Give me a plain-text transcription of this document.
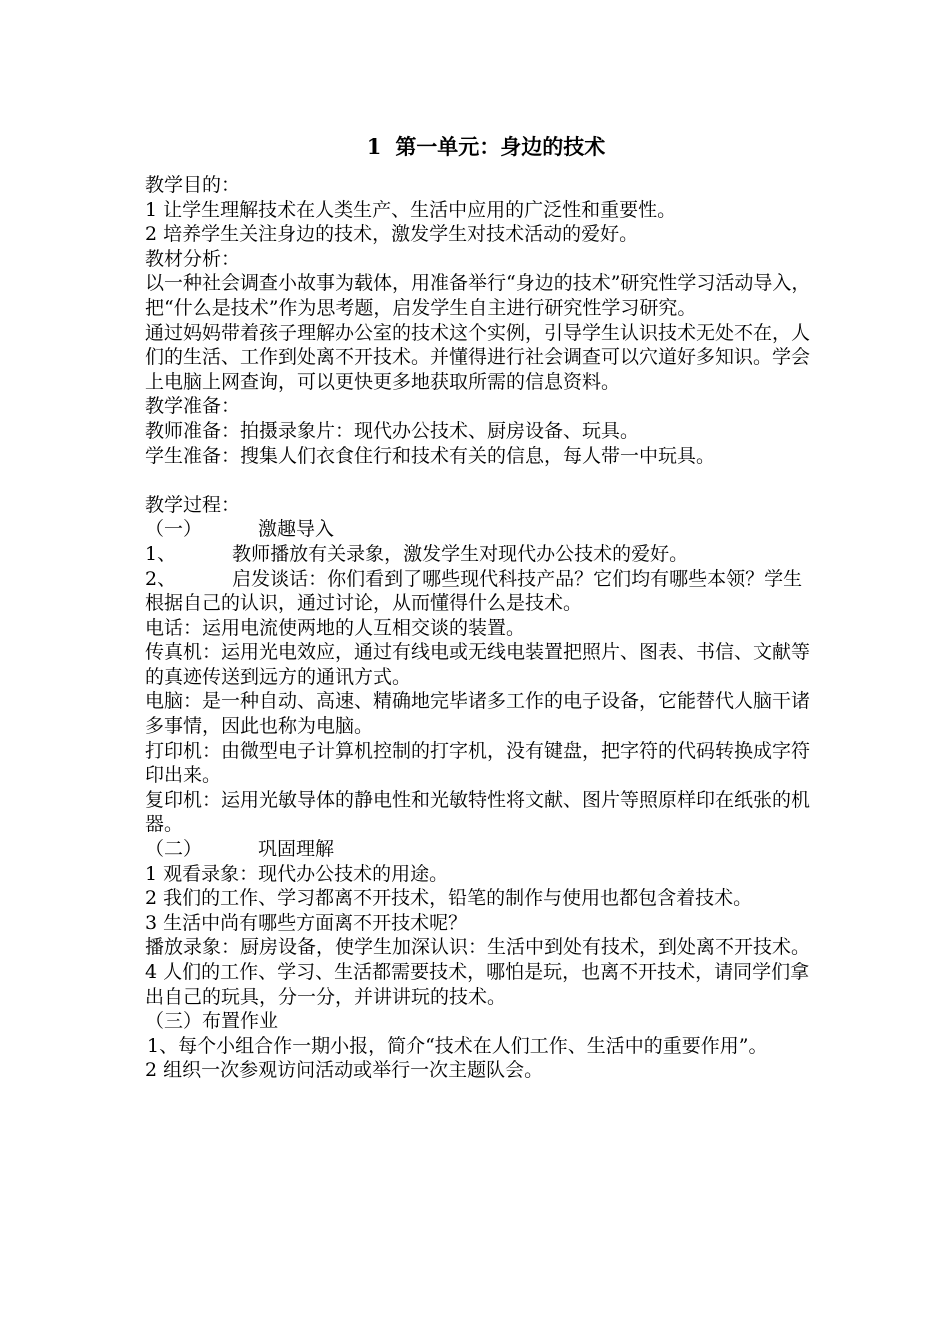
1 第一单元：身边的技术

教学目的：

1 让学生理解技术在人类生产、生活中应用的广泛性和重要性。

2 培养学生关注身边的技术，激发学生对技术活动的爱好。

教材分析：

以一种社会调查小故事为载体，用准备举行“身边的技术”研究性学习活动导入，把“什么是技术”作为思考题，启发学生自主进行研究性学习研究。

通过妈妈带着孩子理解办公室的技术这个实例，引导学生认识技术无处不在，人们的生活、工作到处离不开技术。并懂得进行社会调查可以穴道好多知识。学会上电脑上网查询，可以更快更多地获取所需的信息资料。

教学准备：

教师准备：拍摄录象片：现代办公技术、厨房设备、玩具。

学生准备：搜集人们衣食住行和技术有关的信息，每人带一中玩具。

教学过程：

（一）	激趣导入

1、	教师播放有关录象，激发学生对现代办公技术的爱好。

2、	启发谈话：你们看到了哪些现代科技产品？它们均有哪些本领？学生根据自己的认识，通过讨论，从而懂得什么是技术。

电话：运用电流使两地的人互相交谈的装置。

传真机：运用光电效应，通过有线电或无线电装置把照片、图表、书信、文献等的真迹传送到远方的通讯方式。

电脑：是一种自动、高速、精确地完毕诸多工作的电子设备，它能替代人脑干诸多事情，因此也称为电脑。

打印机：由微型电子计算机控制的打字机，没有键盘，把字符的代码转换成字符印出来。

复印机：运用光敏导体的静电性和光敏特性将文献、图片等照原样印在纸张的机器。

（二）	巩固理解

1 观看录象：现代办公技术的用途。

2 我们的工作、学习都离不开技术，铅笔的制作与使用也都包含着技术。

3 生活中尚有哪些方面离不开技术呢？

播放录象：厨房设备，使学生加深认识：生活中到处有技术，到处离不开技术。

4 人们的工作、学习、生活都需要技术，哪怕是玩，也离不开技术，请同学们拿出自己的玩具，分一分，并讲讲玩的技术。

（三）布置作业

1、每个小组合作一期小报，简介“技术在人们工作、生活中的重要作用”。

2 组织一次参观访问活动或举行一次主题队会。
